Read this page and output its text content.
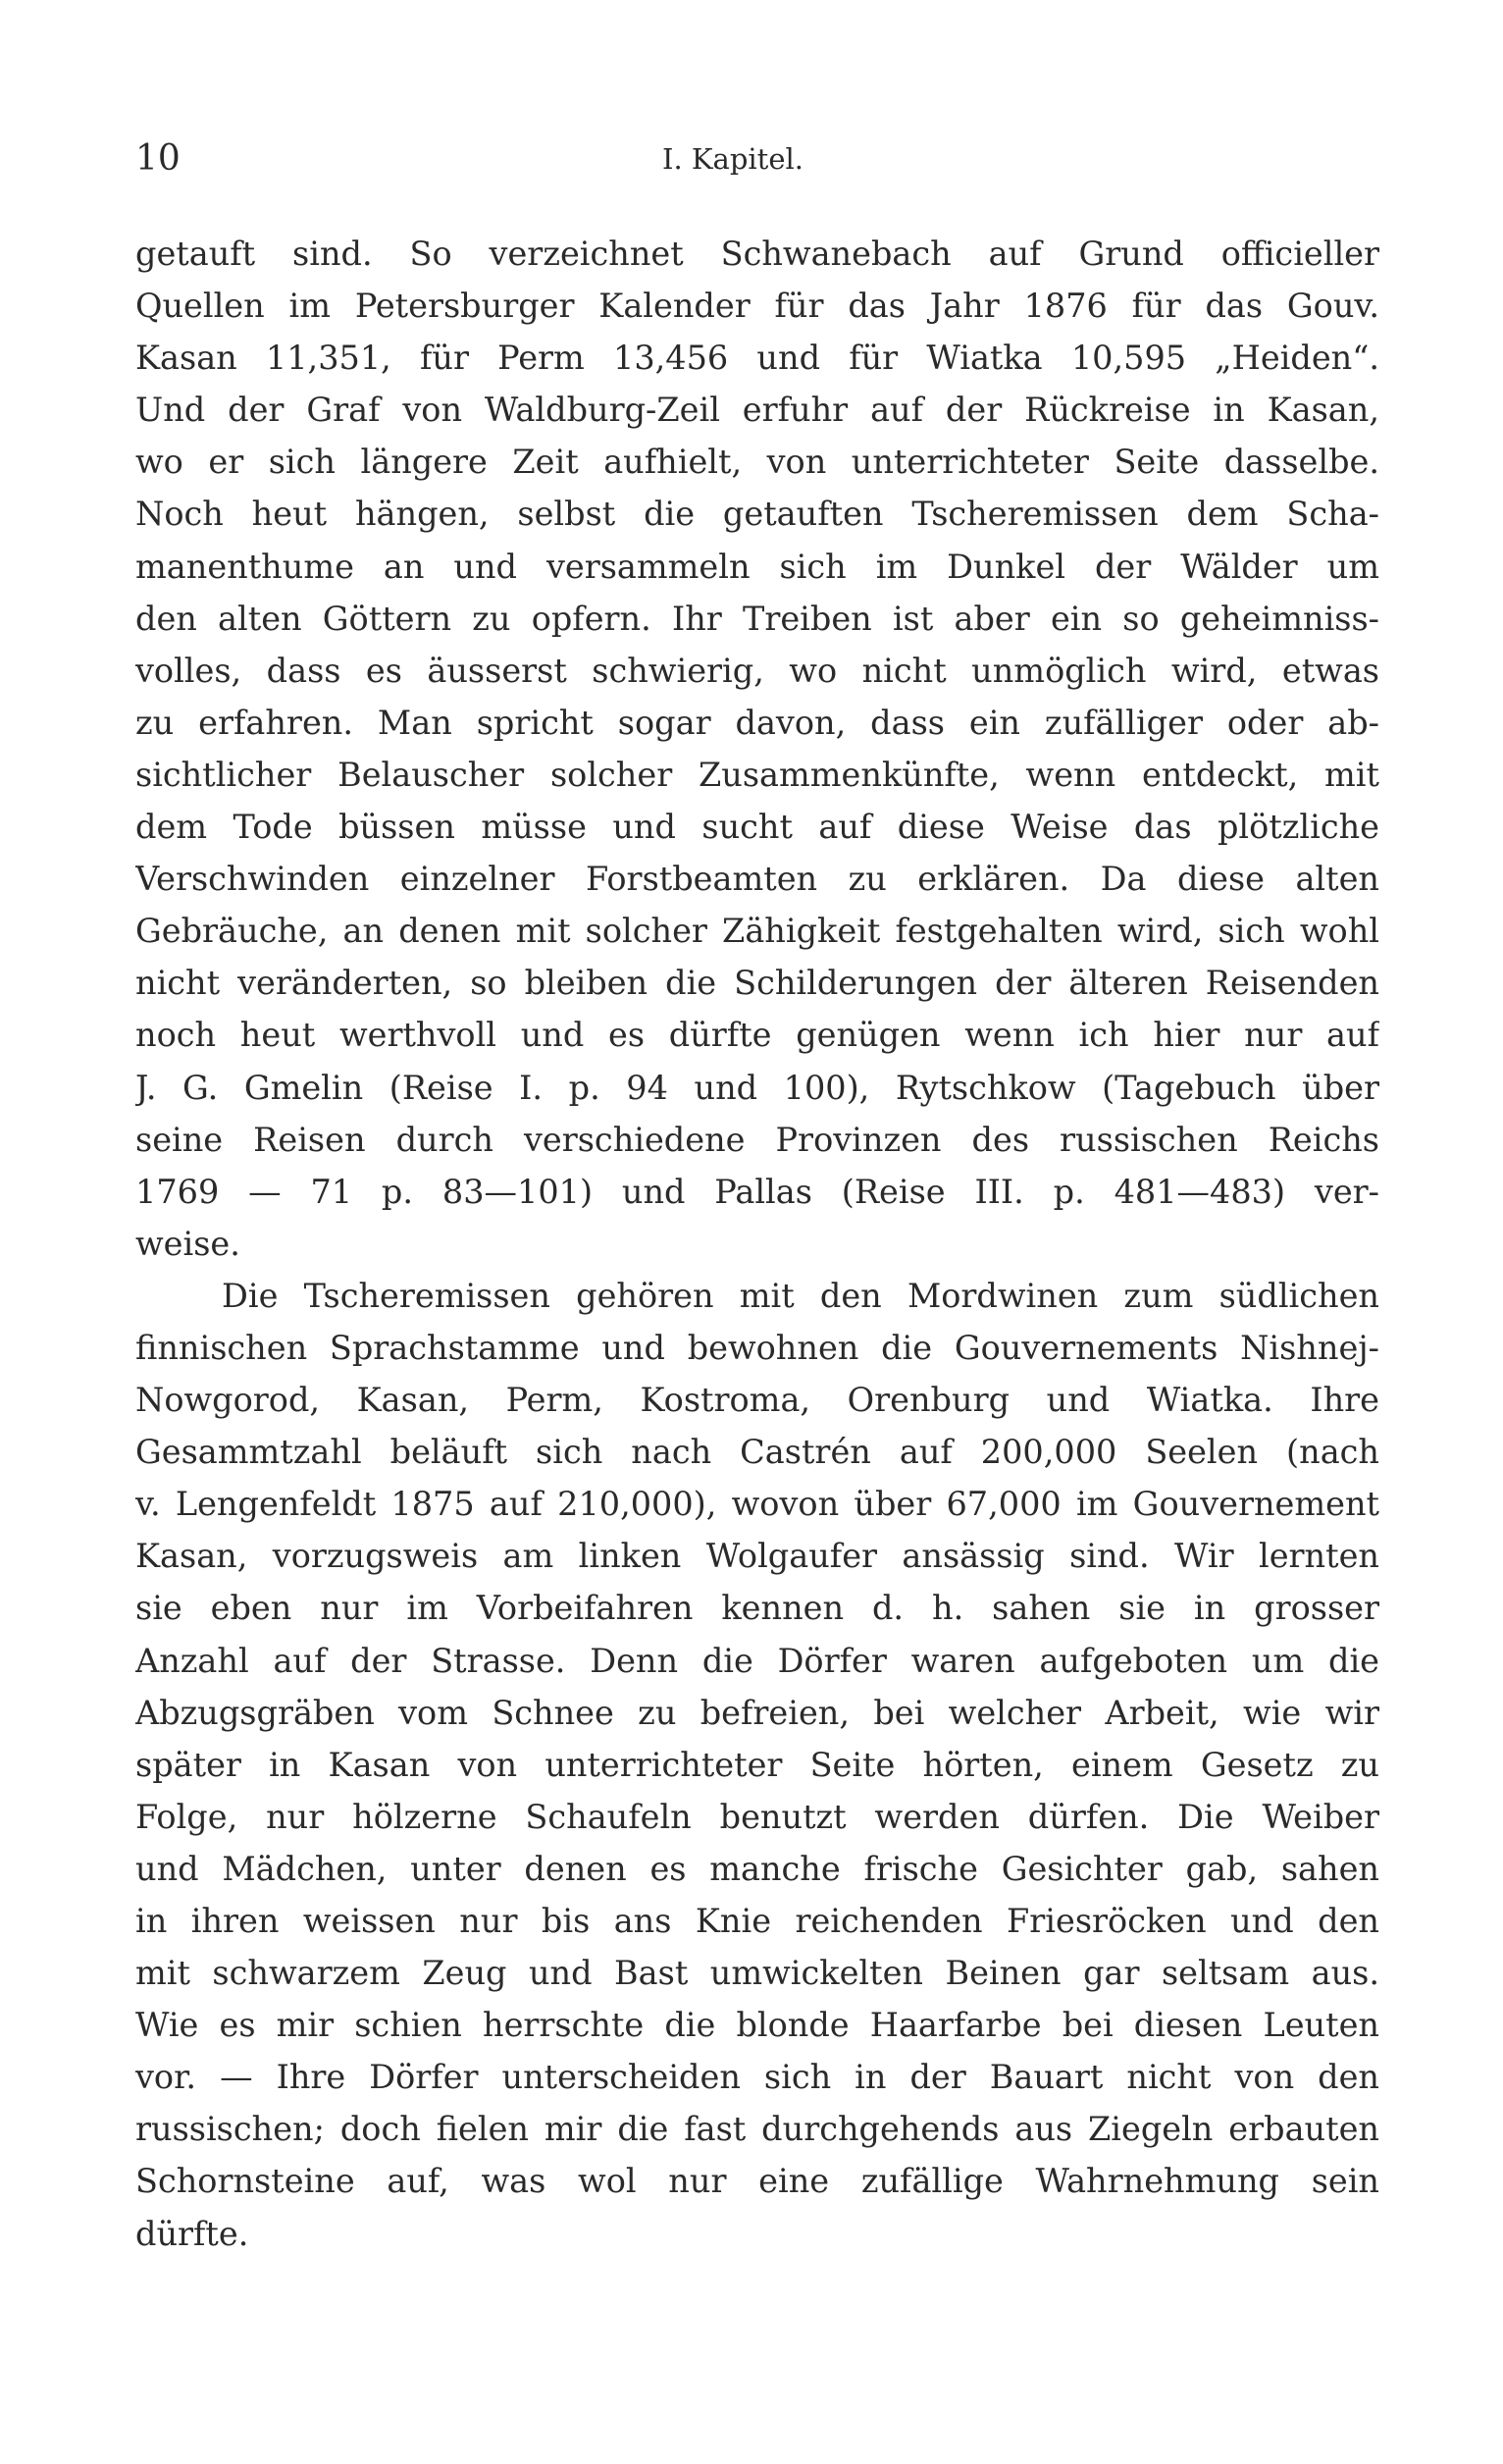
10	I. Kapitel.
getauft sind. So verzeichnet Schwanebach auf Grund officieller
Quellen im Petersburger Kalender für das Jahr 1876 für das Gouv.
Kasan 11,351, für Perm 13,456 und für Wiatka 10,595 „Heiden“.
Und der Graf von Waldburg-Zeil erfuhr auf der Rückreise in Kasan,
wo er sich längere Zeit aufhielt, von unterrichteter Seite dasselbe.
Noch heut hängen, selbst die getauften Tscheremissen dem Scha-
manenthume an und versammeln sich im Dunkel der Wälder um
den alten Göttern zu opfern. Ihr Treiben ist aber ein so geheimniss-
volles, dass es äusserst schwierig, wo nicht unmöglich wird, etwas
zu erfahren. Man spricht sogar davon, dass ein zufälliger oder ab-
sichtlicher Belauscher solcher Zusammenkünfte, wenn entdeckt, mit
dem Tode büssen müsse und sucht auf diese Weise das plötzliche
Verschwinden einzelner Forstbeamten zu erklären. Da diese alten
Gebräuche, an denen mit solcher Zähigkeit festgehalten wird, sich wohl
nicht veränderten, so bleiben die Schilderungen der älteren Reisenden
noch heut werthvoll und es dürfte genügen wenn ich hier nur auf
J. G. Gmelin (Reise I. p. 94 und 100), Rytschkow (Tagebuch über
seine Reisen durch verschiedene Provinzen des russischen Reichs
1769 — 71 p. 83—101) und Pallas (Reise III. p. 481—483) ver-
weise.
Die Tscheremissen gehören mit den Mordwinen zum südlichen
finnischen Sprachstamme und bewohnen die Gouvernements Nishnej-
Nowgorod, Kasan, Perm, Kostroma, Orenburg und Wiatka. Ihre
Gesammtzahl beläuft sich nach Castrén auf 200,000 Seelen (nach
v. Lengenfeldt 1875 auf 210,000), wovon über 67,000 im Gouvernement
Kasan, vorzugsweis am linken Wolgaufer ansässig sind. Wir lernten
sie eben nur im Vorbeifahren kennen d. h. sahen sie in grosser
Anzahl auf der Strasse. Denn die Dörfer waren aufgeboten um die
Abzugsgräben vom Schnee zu befreien, bei welcher Arbeit, wie wir
später in Kasan von unterrichteter Seite hörten, einem Gesetz zu
Folge, nur hölzerne Schaufeln benutzt werden dürfen. Die Weiber
und Mädchen, unter denen es manche frische Gesichter gab, sahen
in ihren weissen nur bis ans Knie reichenden Friesröcken und den
mit schwarzem Zeug und Bast umwickelten Beinen gar seltsam aus.
Wie es mir schien herrschte die blonde Haarfarbe bei diesen Leuten
vor. — Ihre Dörfer unterscheiden sich in der Bauart nicht von den
russischen; doch fielen mir die fast durchgehends aus Ziegeln erbauten
Schornsteine auf, was wol nur eine zufällige Wahrnehmung sein
dürfte.
